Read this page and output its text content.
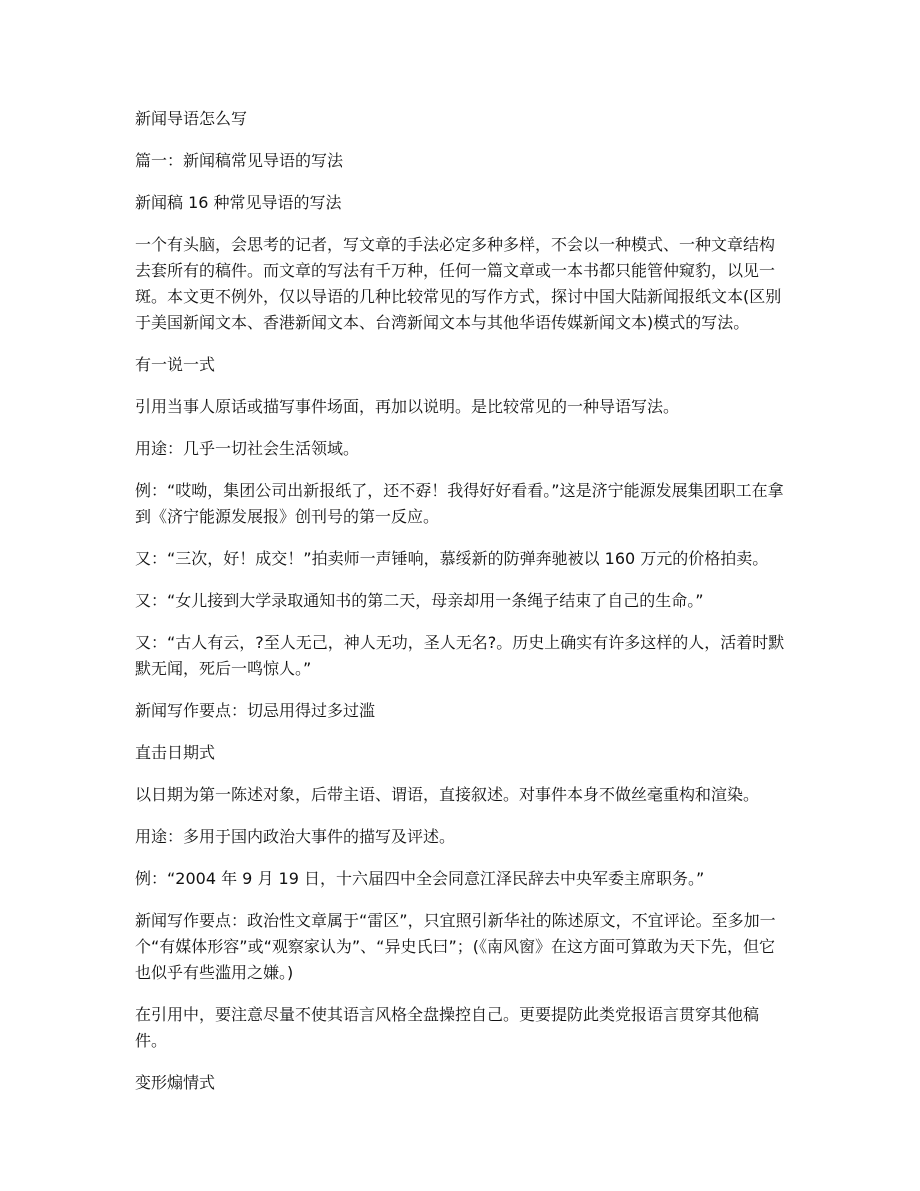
新闻导语怎么写

篇一：新闻稿常见导语的写法

新闻稿 16 种常见导语的写法

一个有头脑，会思考的记者，写文章的手法必定多种多样，不会以一种模式、一种文章结构去套所有的稿件。而文章的写法有千万种，任何一篇文章或一本书都只能管仲窥豹，以见一斑。本文更不例外，仅以导语的几种比较常见的写作方式，探讨中国大陆新闻报纸文本(区别于美国新闻文本、香港新闻文本、台湾新闻文本与其他华语传媒新闻文本)模式的写法。

有一说一式

引用当事人原话或描写事件场面，再加以说明。是比较常见的一种导语写法。

用途：几乎一切社会生活领域。

例：“哎呦，集团公司出新报纸了，还不孬！我得好好看看。”这是济宁能源发展集团职工在拿到《济宁能源发展报》创刊号的第一反应。

又：“三次，好！成交！”拍卖师一声锤响，慕绥新的防弹奔驰被以 160 万元的价格拍卖。

又：“女儿接到大学录取通知书的第二天，母亲却用一条绳子结束了自己的生命。”

又：“古人有云，?至人无己，神人无功，圣人无名?。历史上确实有许多这样的人，活着时默默无闻，死后一鸣惊人。”

新闻写作要点：切忌用得过多过滥

直击日期式

以日期为第一陈述对象，后带主语、谓语，直接叙述。对事件本身不做丝毫重构和渲染。

用途：多用于国内政治大事件的描写及评述。

例：“2004 年 9 月 19 日，十六届四中全会同意江泽民辞去中央军委主席职务。”

新闻写作要点：政治性文章属于“雷区”，只宜照引新华社的陈述原文，不宜评论。至多加一个“有媒体形容”或“观察家认为”、“异史氏曰”；(《南风窗》在这方面可算敢为天下先，但它也似乎有些滥用之嫌。)

在引用中，要注意尽量不使其语言风格全盘操控自己。更要提防此类党报语言贯穿其他稿件。

变形煽情式
